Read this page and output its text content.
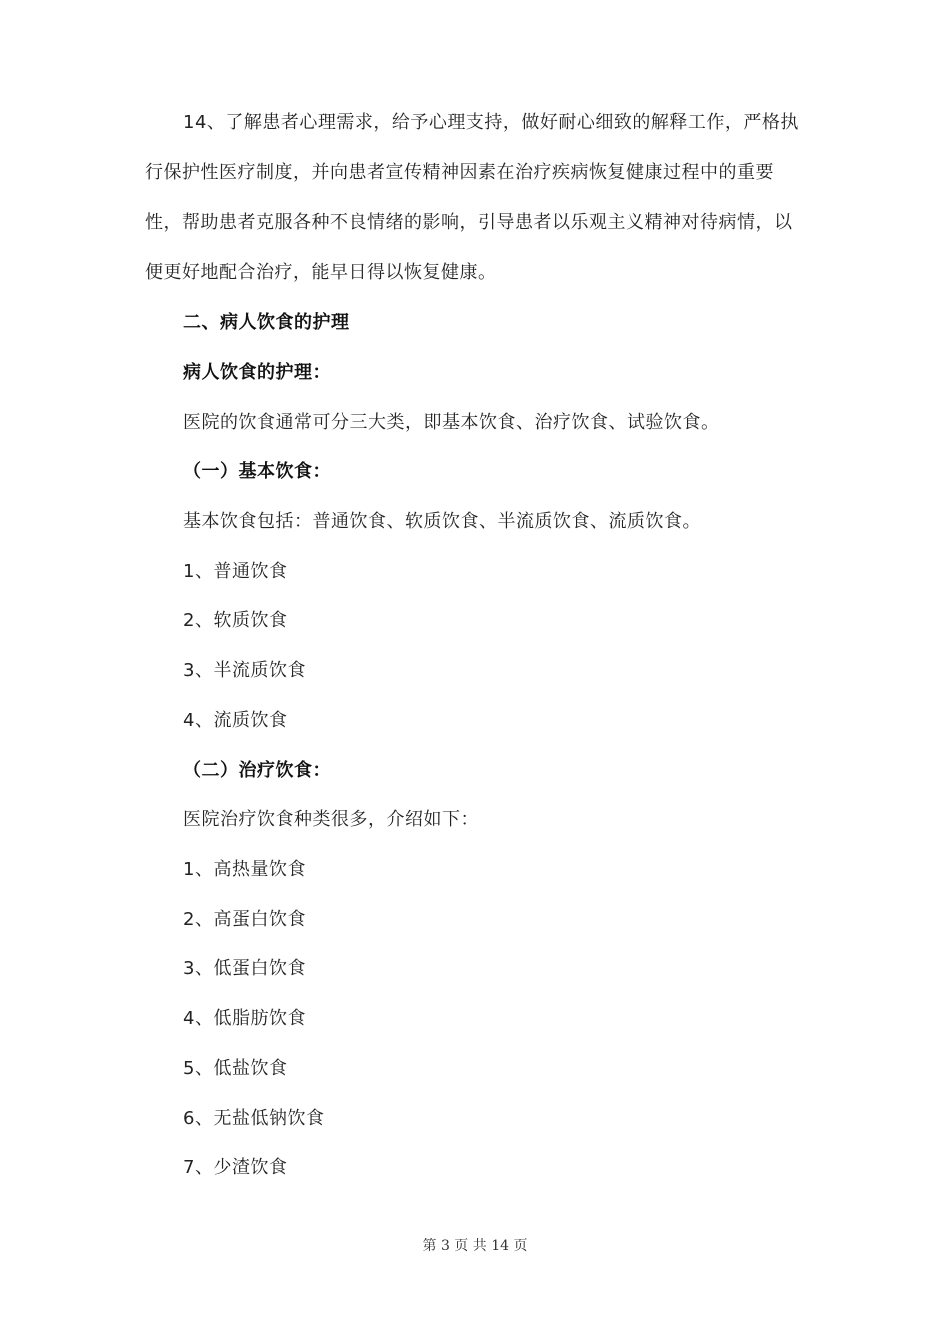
14、了解患者心理需求，给予心理支持，做好耐心细致的解释工作，严格执行保护性医疗制度，并向患者宣传精神因素在治疗疾病恢复健康过程中的重要性，帮助患者克服各种不良情绪的影响，引导患者以乐观主义精神对待病情，以便更好地配合治疗，能早日得以恢复健康。

二、病人饮食的护理

病人饮食的护理：

医院的饮食通常可分三大类，即基本饮食、治疗饮食、试验饮食。

（一）基本饮食：

基本饮食包括：普通饮食、软质饮食、半流质饮食、流质饮食。

1、普通饮食

2、软质饮食

3、半流质饮食

4、流质饮食

（二）治疗饮食：

医院治疗饮食种类很多，介绍如下：

1、高热量饮食

2、高蛋白饮食

3、低蛋白饮食

4、低脂肪饮食

5、低盐饮食

6、无盐低钠饮食

7、少渣饮食

第 3 页 共 14 页
